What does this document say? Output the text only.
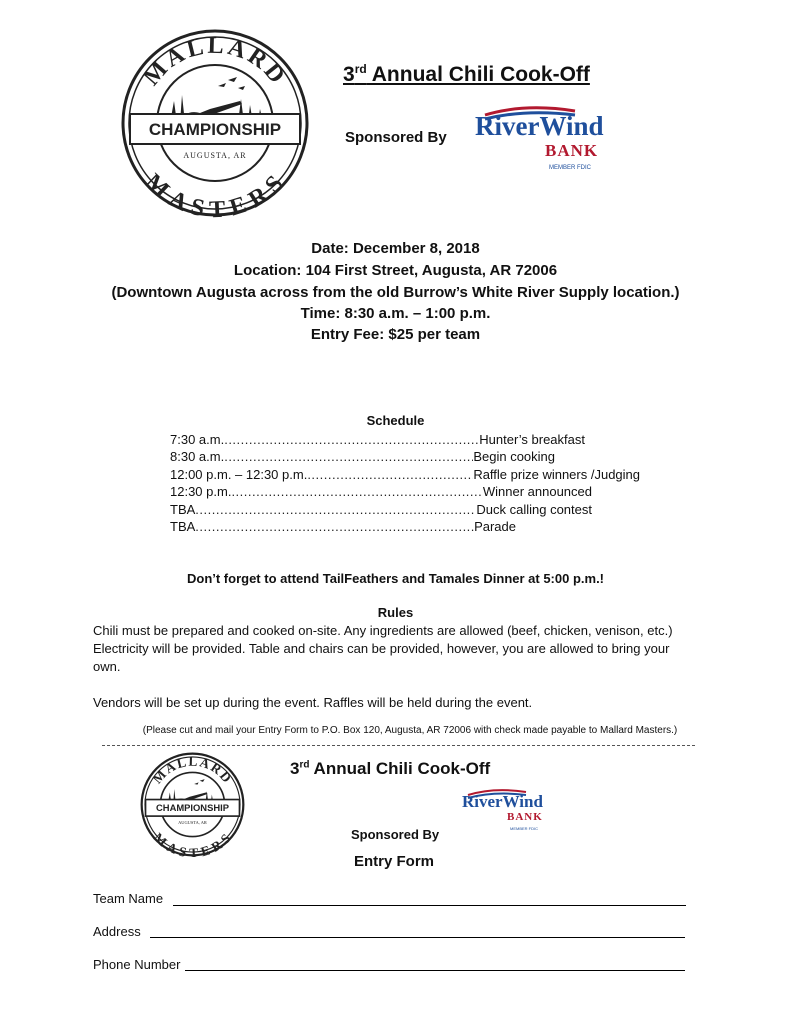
MALLARD
MASTERS
CHAMPIONSHIP
AUGUSTA, AR
3rd Annual Chili Cook-Off
Sponsored By RiverWind
BANK
MEMBER FDIC
Date: December 8, 2018
Location: 104 First Street, Augusta, AR 72006
(Downtown Augusta across from the old Burrow’s White River Supply location.)
Time: 8:30 a.m. – 1:00 p.m.
Entry Fee: $25 per team
Schedule
7:30 a.m. .....	Hunter’s breakfast
8:30 a.m. .....	Begin cooking
12:00 p.m. – 12:30 p.m. .....	Raffle prize winners /Judging
12:30 p.m. .....	Winner announced
TBA .....	Duck calling contest
TBA .....	Parade
Don’t forget to attend TailFeathers and Tamales Dinner at 5:00 p.m.!
Rules
Chili must be prepared and cooked on-site. Any ingredients are allowed (beef, chicken, venison, etc.)
Electricity will be provided. Table and chairs can be provided, however, you are allowed to bring your
own.
Vendors will be set up during the event. Raffles will be held during the event.
(Please cut and mail your Entry Form to P.O. Box 120, Augusta, AR 72006 with check made payable to Mallard Masters.)
MALLARD
MASTERS
CHAMPIONSHIP
AUGUSTA, AR
3rd Annual Chili Cook-Off
RiverWind
BANK
MEMBER FDIC
Sponsored By
Entry Form
Team Name
Address
Phone Number
